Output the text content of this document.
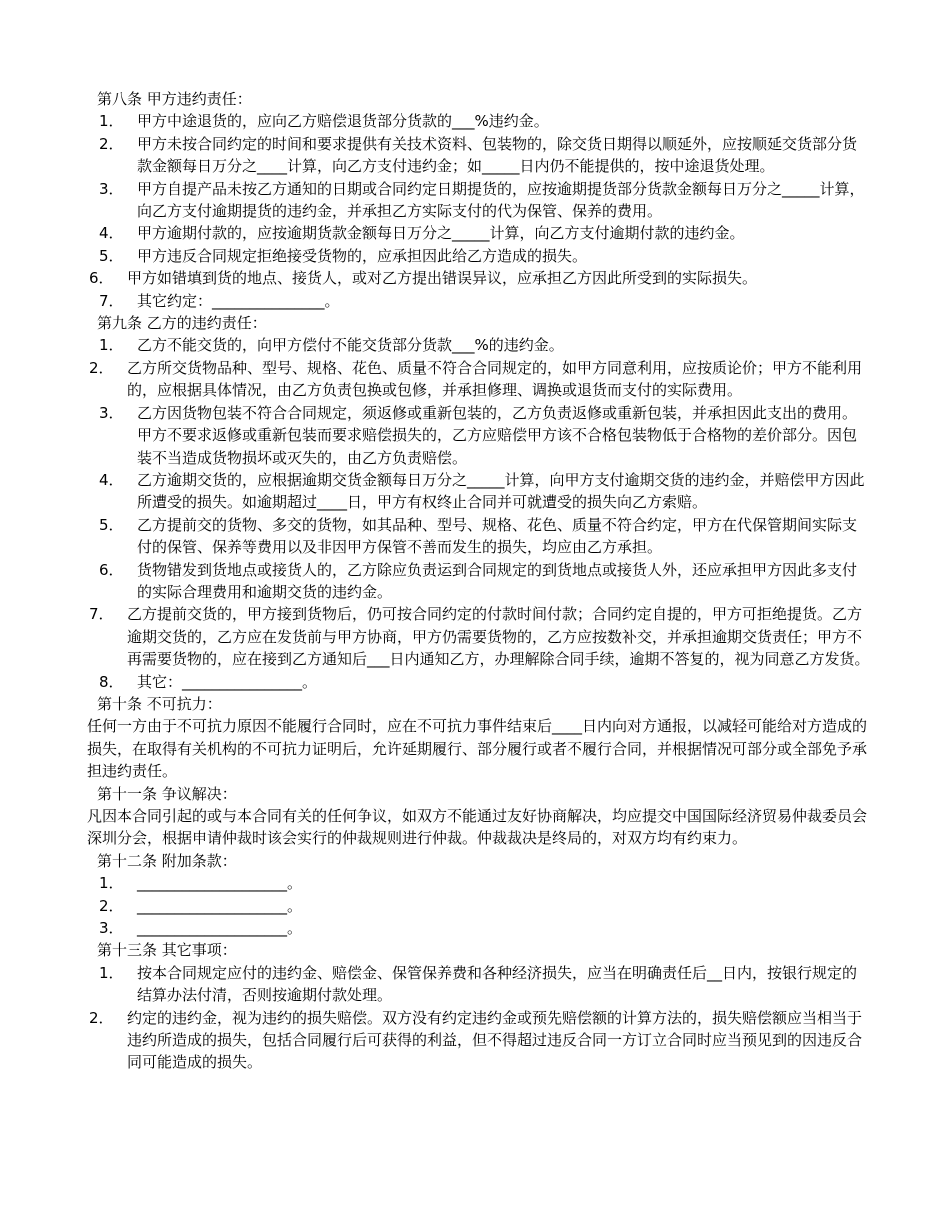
第八条 甲方违约责任：
1． 甲方中途退货的，应向乙方赔偿退货部分货款的___%违约金。
2． 甲方未按合同约定的时间和要求提供有关技术资料、包装物的，除交货日期得以顺延外，应按顺延交货部分货款金额每日万分之____计算，向乙方支付违约金；如_____日内仍不能提供的，按中途退货处理。
3． 甲方自提产品未按乙方通知的日期或合同约定日期提货的，应按逾期提货部分货款金额每日万分之_____计算，向乙方支付逾期提货的违约金，并承担乙方实际支付的代为保管、保养的费用。
4． 甲方逾期付款的，应按逾期货款金额每日万分之_____计算，向乙方支付逾期付款的违约金。
5． 甲方违反合同规定拒绝接受货物的，应承担因此给乙方造成的损失。
6． 甲方如错填到货的地点、接货人，或对乙方提出错误异议，应承担乙方因此所受到的实际损失。
7． 其它约定：_______________。
第九条 乙方的违约责任：
1． 乙方不能交货的，向甲方偿付不能交货部分货款___%的违约金。
2． 乙方所交货物品种、型号、规格、花色、质量不符合合同规定的，如甲方同意利用，应按质论价；甲方不能利用的，应根据具体情况，由乙方负责包换或包修，并承担修理、调换或退货而支付的实际费用。
3． 乙方因货物包装不符合合同规定，须返修或重新包装的，乙方负责返修或重新包装，并承担因此支出的费用。甲方不要求返修或重新包装而要求赔偿损失的，乙方应赔偿甲方该不合格包装物低于合格物的差价部分。因包装不当造成货物损坏或灭失的，由乙方负责赔偿。
4． 乙方逾期交货的，应根据逾期交货金额每日万分之_____计算，向甲方支付逾期交货的违约金，并赔偿甲方因此所遭受的损失。如逾期超过____日，甲方有权终止合同并可就遭受的损失向乙方索赔。
5． 乙方提前交的货物、多交的货物，如其品种、型号、规格、花色、质量不符合约定，甲方在代保管期间实际支付的保管、保养等费用以及非因甲方保管不善而发生的损失，均应由乙方承担。
6． 货物错发到货地点或接货人的，乙方除应负责运到合同规定的到货地点或接货人外，还应承担甲方因此多支付的实际合理费用和逾期交货的违约金。
7． 乙方提前交货的，甲方接到货物后，仍可按合同约定的付款时间付款；合同约定自提的，甲方可拒绝提货。乙方逾期交货的，乙方应在发货前与甲方协商，甲方仍需要货物的，乙方应按数补交，并承担逾期交货责任；甲方不再需要货物的，应在接到乙方通知后___日内通知乙方，办理解除合同手续，逾期不答复的，视为同意乙方发货。
8． 其它：________________。
第十条 不可抗力：
任何一方由于不可抗力原因不能履行合同时，应在不可抗力事件结束后____日内向对方通报，以减轻可能给对方造成的损失，在取得有关机构的不可抗力证明后，允许延期履行、部分履行或者不履行合同，并根据情况可部分或全部免予承担违约责任。
第十一条 争议解决：
凡因本合同引起的或与本合同有关的任何争议，如双方不能通过友好协商解决，均应提交中国国际经济贸易仲裁委员会深圳分会，根据申请仲裁时该会实行的仲裁规则进行仲裁。仲裁裁决是终局的，对双方均有约束力。
第十二条 附加条款：
1． ____________________。
2． ____________________。
3． ____________________。
第十三条 其它事项：
1． 按本合同规定应付的违约金、赔偿金、保管保养费和各种经济损失，应当在明确责任后__日内，按银行规定的结算办法付清，否则按逾期付款处理。
2． 约定的违约金，视为违约的损失赔偿。双方没有约定违约金或预先赔偿额的计算方法的，损失赔偿额应当相当于违约所造成的损失，包括合同履行后可获得的利益，但不得超过违反合同一方订立合同时应当预见到的因违反合同可能造成的损失。
